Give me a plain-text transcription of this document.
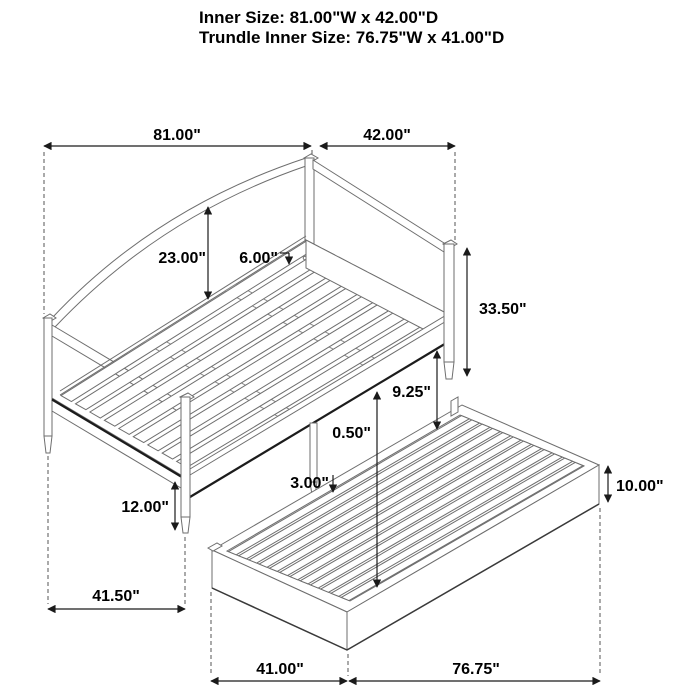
Inner Size: 81.00"W x 42.00"D
Trundle Inner Size: 76.75"W x 41.00"D
81.00"	42.00"
23.00" 6.00"
33.50"
9.25"
0.50"
3.00"
12.00"
10.00"
41.50"
41.00"	76.75"
